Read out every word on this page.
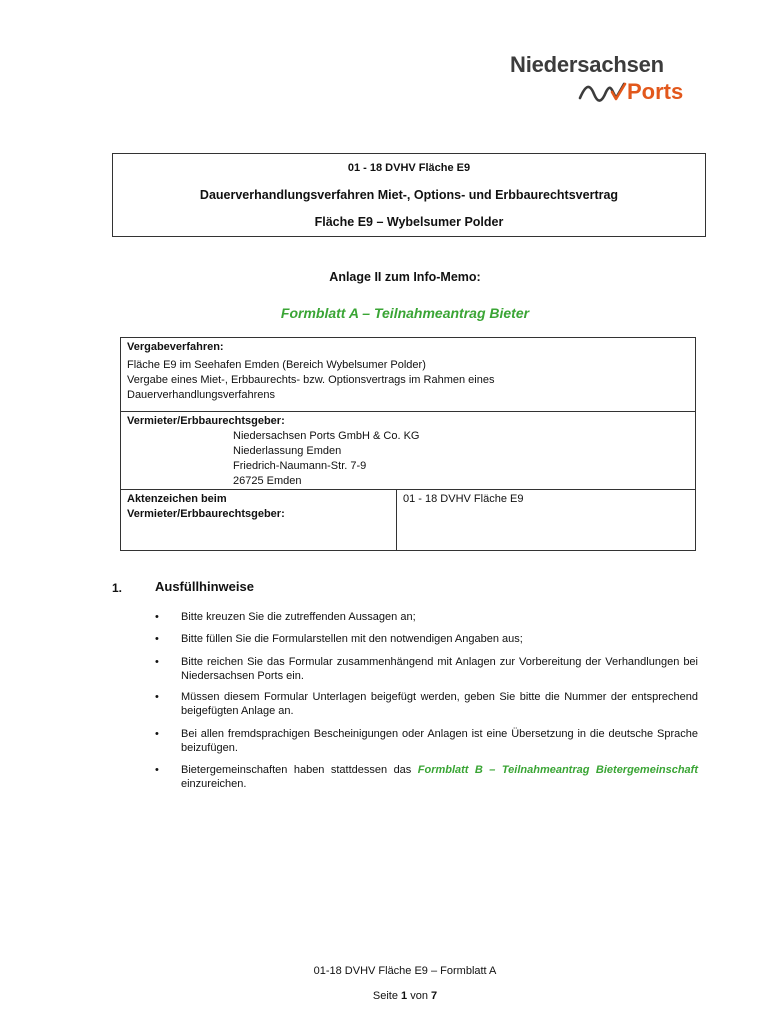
Niedersachsen
Ports
01 - 18 DVHV Fläche E9
Dauerverhandlungsverfahren Miet-, Options- und Erbbaurechtsvertrag
Fläche E9 – Wybelsumer Polder
Anlage II zum Info-Memo:
Formblatt A – Teilnahmeantrag Bieter
Vergabeverfahren:
Fläche E9 im Seehafen Emden (Bereich Wybelsumer Polder)
Vergabe eines Miet-, Erbbaurechts- bzw. Optionsvertrags im Rahmen eines
Dauerverhandlungsverfahrens
Vermieter/Erbbaurechtsgeber:
Niedersachsen Ports GmbH & Co. KG
Niederlassung Emden
Friedrich-Naumann-Str. 7-9
26725 Emden
Aktenzeichen beim
Vermieter/Erbbaurechtsgeber:
01 - 18 DVHV Fläche E9
1.	Ausfüllhinweise
• Bitte kreuzen Sie die zutreffenden Aussagen an;
• Bitte füllen Sie die Formularstellen mit den notwendigen Angaben aus;
• Bitte reichen Sie das Formular zusammenhängend mit Anlagen zur Vorbereitung der Verhandlungen bei Niedersachsen Ports ein.
• Müssen diesem Formular Unterlagen beigefügt werden, geben Sie bitte die Nummer der entsprechend beigefügten Anlage an.
• Bei allen fremdsprachigen Bescheinigungen oder Anlagen ist eine Übersetzung in die deutsche Sprache beizufügen.
• Bietergemeinschaften haben stattdessen das Formblatt B – Teilnahmeantrag Bietergemeinschaft einzureichen.
01-18 DVHV Fläche E9 – Formblatt A
Seite 1 von 7
